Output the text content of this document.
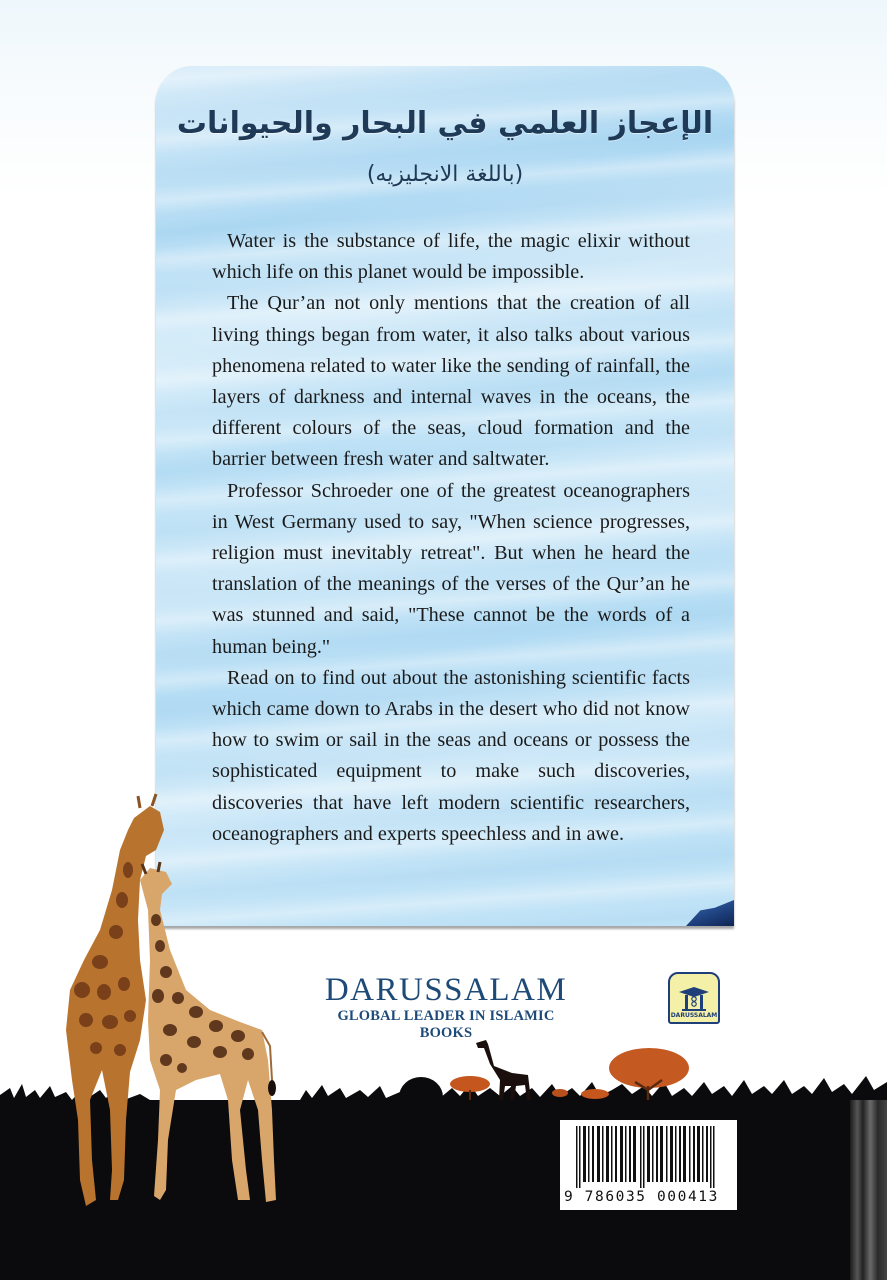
الإعجاز العلمي في البحار والحيوانات
(باللغة الانجليزيه)

Water is the substance of life, the magic elixir without which life on this planet would be impossible.

The Qur’an not only mentions that the creation of all living things began from water, it also talks about various phenomena related to water like the sending of rainfall, the layers of darkness and internal waves in the oceans, the different colours of the seas, cloud formation and the barrier between fresh water and saltwater.

Professor Schroeder one of the greatest oceanographers in West Germany used to say, "When science progresses, religion must inevitably retreat". But when he heard the translation of the meanings of the verses of the Qur’an he was stunned and said, "These cannot be the words of a human being."

Read on to find out about the astonishing scientific facts which came down to Arabs in the desert who did not know how to swim or sail in the seas and oceans or possess the sophisticated equipment to make such discoveries, discoveries that have left modern scientific researchers, oceanographers and experts speechless and in awe.

DARUSSALAM
GLOBAL LEADER IN ISLAMIC BOOKS
DARUSSALAM
9 786035 000413
